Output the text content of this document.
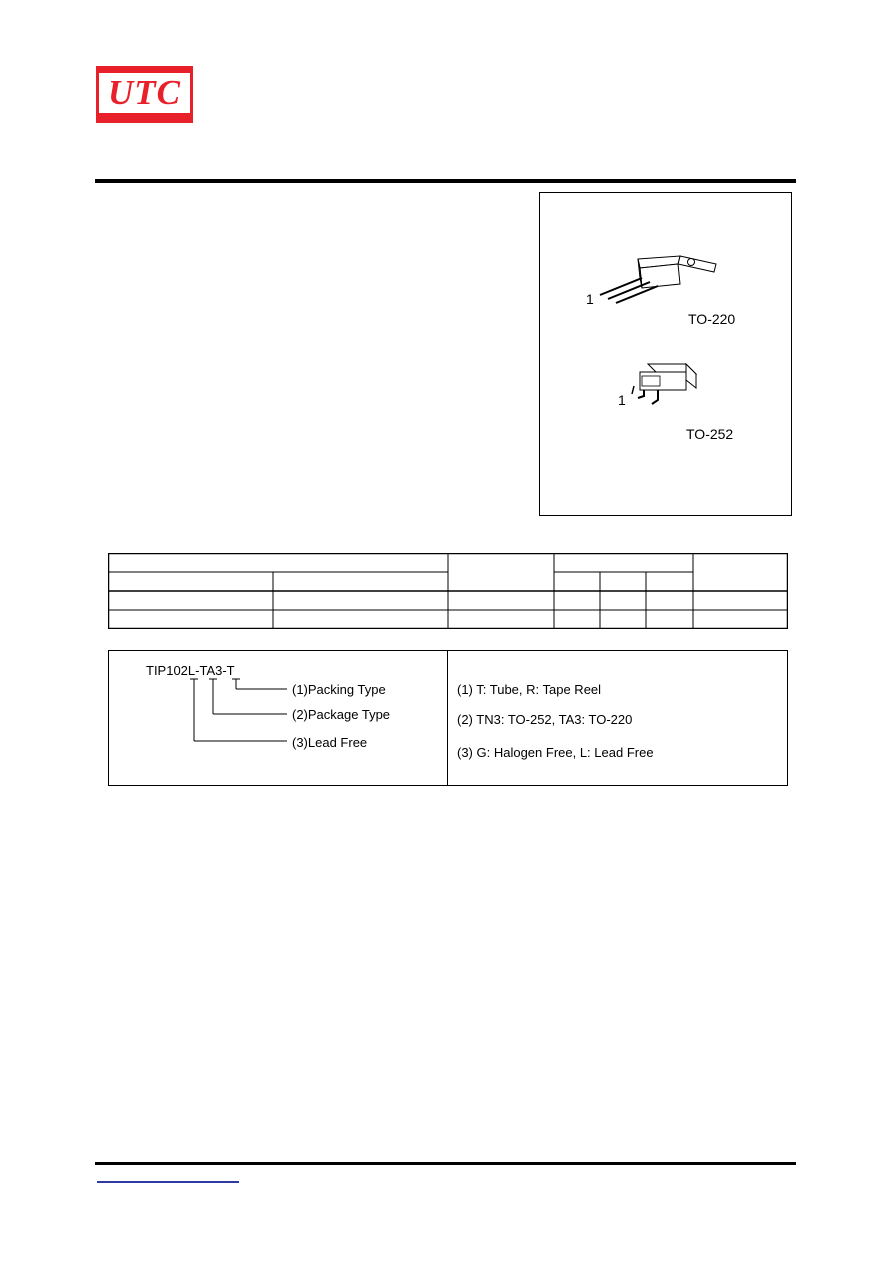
UTC
1
TO-220
1
TO-252
TIP102L-TA3-T
(1)Packing Type
(2)Package Type
(3)Lead Free
(1) T: Tube, R: Tape Reel
(2) TN3: TO-252, TA3: TO-220
(3) G: Halogen Free, L: Lead Free
